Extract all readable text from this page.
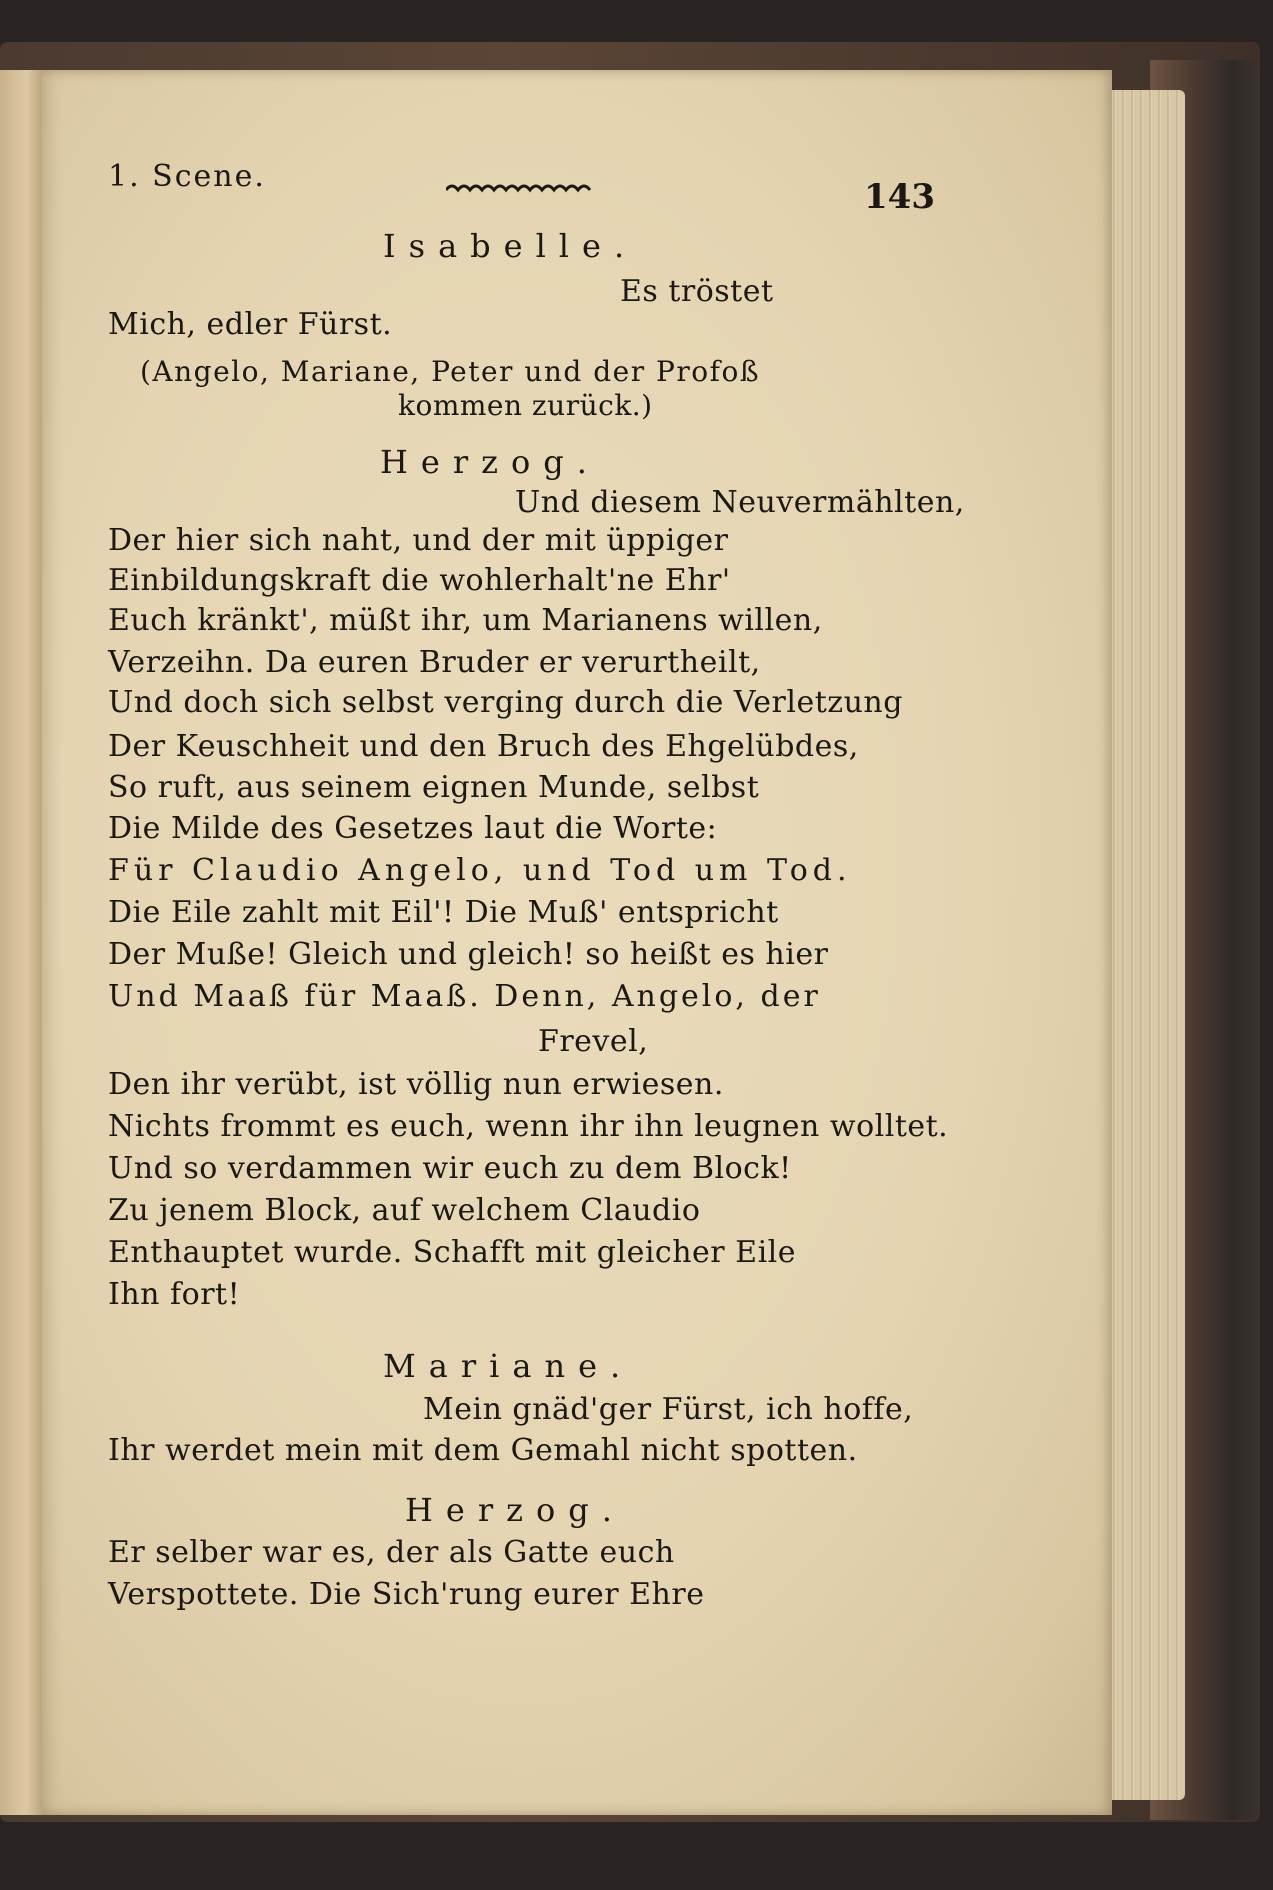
1. Scene.
143
Isabelle.
Es tröstet
Mich, edler Fürst.
(Angelo, Mariane, Peter und der Profoß
kommen zurück.)
Herzog.
Und diesem Neuvermählten,
Der hier sich naht, und der mit üppiger
Einbildungskraft die wohlerhalt'ne Ehr'
Euch kränkt', müßt ihr, um Marianens willen,
Verzeihn. Da euren Bruder er verurtheilt,
Und doch sich selbst verging durch die Verletzung
Der Keuschheit und den Bruch des Ehgelübdes,
So ruft, aus seinem eignen Munde, selbst
Die Milde des Gesetzes laut die Worte:
Für Claudio Angelo, und Tod um Tod.
Die Eile zahlt mit Eil'! Die Muß' entspricht
Der Muße! Gleich und gleich! so heißt es hier
Und Maaß für Maaß. Denn, Angelo, der
Frevel,
Den ihr verübt, ist völlig nun erwiesen.
Nichts frommt es euch, wenn ihr ihn leugnen wolltet.
Und so verdammen wir euch zu dem Block!
Zu jenem Block, auf welchem Claudio
Enthauptet wurde. Schafft mit gleicher Eile
Ihn fort!
Mariane.
Mein gnäd'ger Fürst, ich hoffe,
Ihr werdet mein mit dem Gemahl nicht spotten.
Herzog.
Er selber war es, der als Gatte euch
Verspottete. Die Sich'rung eurer Ehre
